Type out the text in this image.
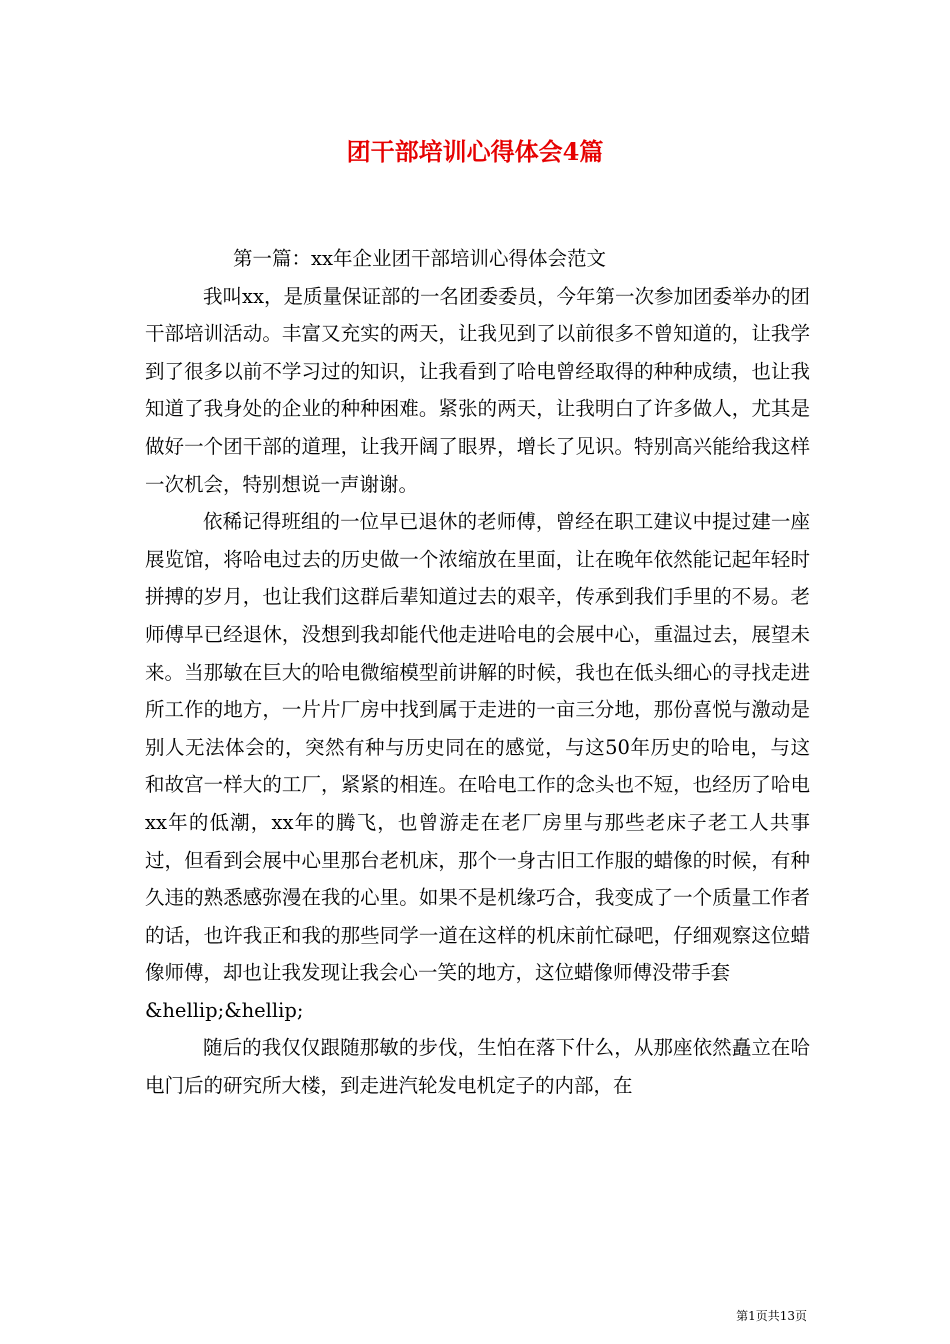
团干部培训心得体会4篇

第一篇：xx年企业团干部培训心得体会范文

我叫xx，是质量保证部的一名团委委员，今年第一次参加团委举办的团干部培训活动。丰富又充实的两天，让我见到了以前很多不曾知道的，让我学到了很多以前不学习过的知识，让我看到了哈电曾经取得的种种成绩，也让我知道了我身处的企业的种种困难。紧张的两天，让我明白了许多做人，尤其是做好一个团干部的道理，让我开阔了眼界，增长了见识。特别高兴能给我这样一次机会，特别想说一声谢谢。

依稀记得班组的一位早已退休的老师傅，曾经在职工建议中提过建一座展览馆，将哈电过去的历史做一个浓缩放在里面，让在晚年依然能记起年轻时拼搏的岁月，也让我们这群后辈知道过去的艰辛，传承到我们手里的不易。老师傅早已经退休，没想到我却能代他走进哈电的会展中心，重温过去，展望未来。当那敏在巨大的哈电微缩模型前讲解的时候，我也在低头细心的寻找走进所工作的地方，一片片厂房中找到属于走进的一亩三分地，那份喜悦与激动是别人无法体会的，突然有种与历史同在的感觉，与这50年历史的哈电，与这和故宫一样大的工厂，紧紧的相连。在哈电工作的念头也不短，也经历了哈电xx年的低潮，xx年的腾飞，也曾游走在老厂房里与那些老床子老工人共事过，但看到会展中心里那台老机床，那个一身古旧工作服的蜡像的时候，有种久违的熟悉感弥漫在我的心里。如果不是机缘巧合，我变成了一个质量工作者的话，也许我正和我的那些同学一道在这样的机床前忙碌吧，仔细观察这位蜡像师傅，却也让我发现让我会心一笑的地方，这位蜡像师傅没带手套

&hellip;&hellip;

随后的我仅仅跟随那敏的步伐，生怕在落下什么，从那座依然矗立在哈电门后的研究所大楼，到走进汽轮发电机定子的内部，在

第1页共13页
